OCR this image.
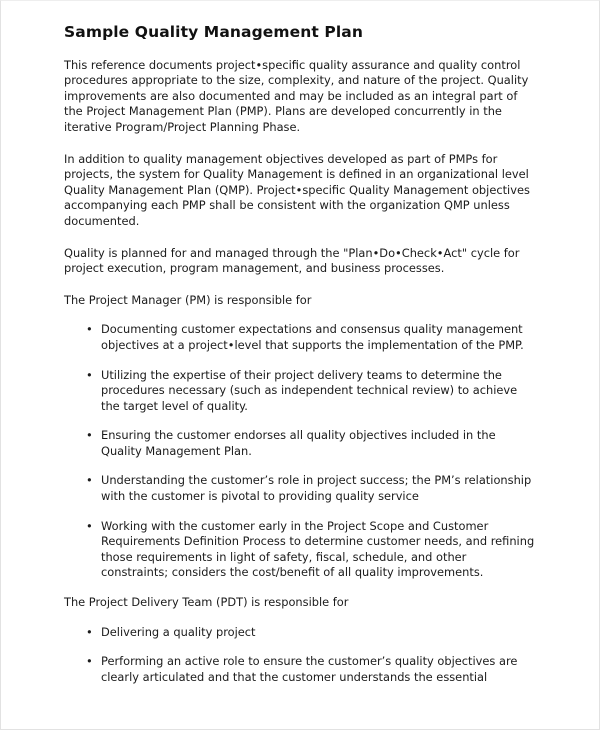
Sample Quality Management Plan

This reference documents project•specific quality assurance and quality control procedures appropriate to the size, complexity, and nature of the project. Quality improvements are also documented and may be included as an integral part of the Project Management Plan (PMP). Plans are developed concurrently in the iterative Program/Project Planning Phase.

In addition to quality management objectives developed as part of PMPs for projects, the system for Quality Management is defined in an organizational level Quality Management Plan (QMP). Project•specific Quality Management objectives accompanying each PMP shall be consistent with the organization QMP unless documented.

Quality is planned for and managed through the "Plan•Do•Check•Act" cycle for project execution, program management, and business processes.

The Project Manager (PM) is responsible for

• Documenting customer expectations and consensus quality management objectives at a project•level that supports the implementation of the PMP.
• Utilizing the expertise of their project delivery teams to determine the procedures necessary (such as independent technical review) to achieve the target level of quality.
• Ensuring the customer endorses all quality objectives included in the Quality Management Plan.
• Understanding the customer’s role in project success; the PM’s relationship with the customer is pivotal to providing quality service
• Working with the customer early in the Project Scope and Customer Requirements Definition Process to determine customer needs, and refining those requirements in light of safety, fiscal, schedule, and other constraints; considers the cost/benefit of all quality improvements.

The Project Delivery Team (PDT) is responsible for

• Delivering a quality project
• Performing an active role to ensure the customer’s quality objectives are clearly articulated and that the customer understands the essential
